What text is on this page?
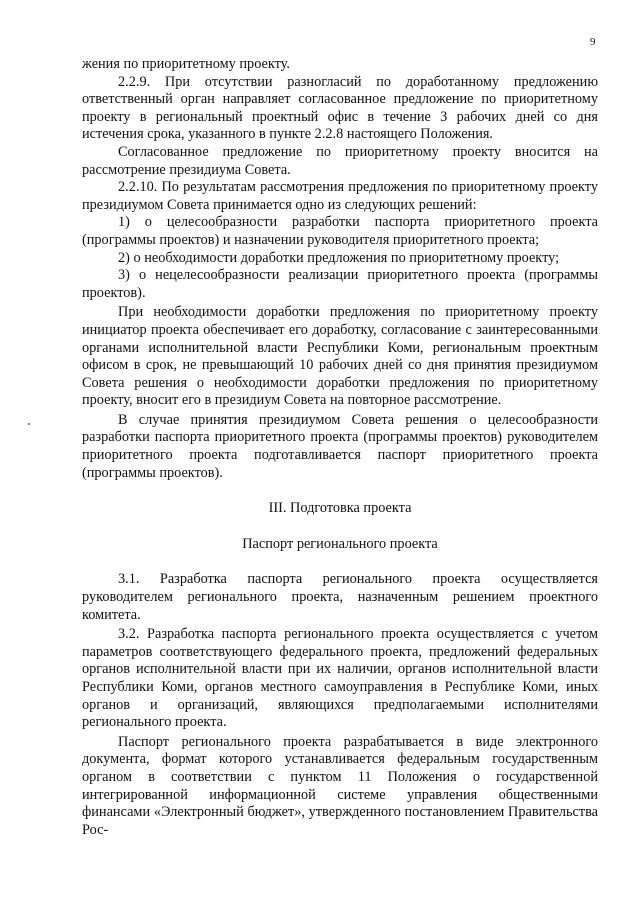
9

жения по приоритетному проекту.

2.2.9. При отсутствии разногласий по доработанному предложению ответственный орган направляет согласованное предложение по приоритетному проекту в региональный проектный офис в течение 3 рабочих дней со дня истечения срока, указанного в пункте 2.2.8 настоящего Положения.

Согласованное предложение по приоритетному проекту вносится на рассмотрение президиума Совета.

2.2.10. По результатам рассмотрения предложения по приоритетному проекту президиумом Совета принимается одно из следующих решений:

1) о целесообразности разработки паспорта приоритетного проекта (программы проектов) и назначении руководителя приоритетного проекта;

2) о необходимости доработки предложения по приоритетному проекту;

3) о нецелесообразности реализации приоритетного проекта (программы проектов).

При необходимости доработки предложения по приоритетному проекту инициатор проекта обеспечивает его доработку, согласование с заинтересованными органами исполнительной власти Республики Коми, региональным проектным офисом в срок, не превышающий 10 рабочих дней со дня принятия президиумом Совета решения о необходимости доработки предложения по приоритетному проекту, вносит его в президиум Совета на повторное рассмотрение.

В случае принятия президиумом Совета решения о целесообразности разработки паспорта приоритетного проекта (программы проектов) руководителем приоритетного проекта подготавливается паспорт приоритетного проекта (программы проектов).

III. Подготовка проекта

Паспорт регионального проекта

3.1. Разработка паспорта регионального проекта осуществляется руководителем регионального проекта, назначенным решением проектного комитета.

3.2. Разработка паспорта регионального проекта осуществляется с учетом параметров соответствующего федерального проекта, предложений федеральных органов исполнительной власти при их наличии, органов исполнительной власти Республики Коми, органов местного самоуправления в Республике Коми, иных органов и организаций, являющихся предполагаемыми исполнителями регионального проекта.

Паспорт регионального проекта разрабатывается в виде электронного документа, формат которого устанавливается федеральным государственным органом в соответствии с пунктом 11 Положения о государственной интегрированной информационной системе управления общественными финансами «Электронный бюджет», утвержденного постановлением Правительства Рос-
